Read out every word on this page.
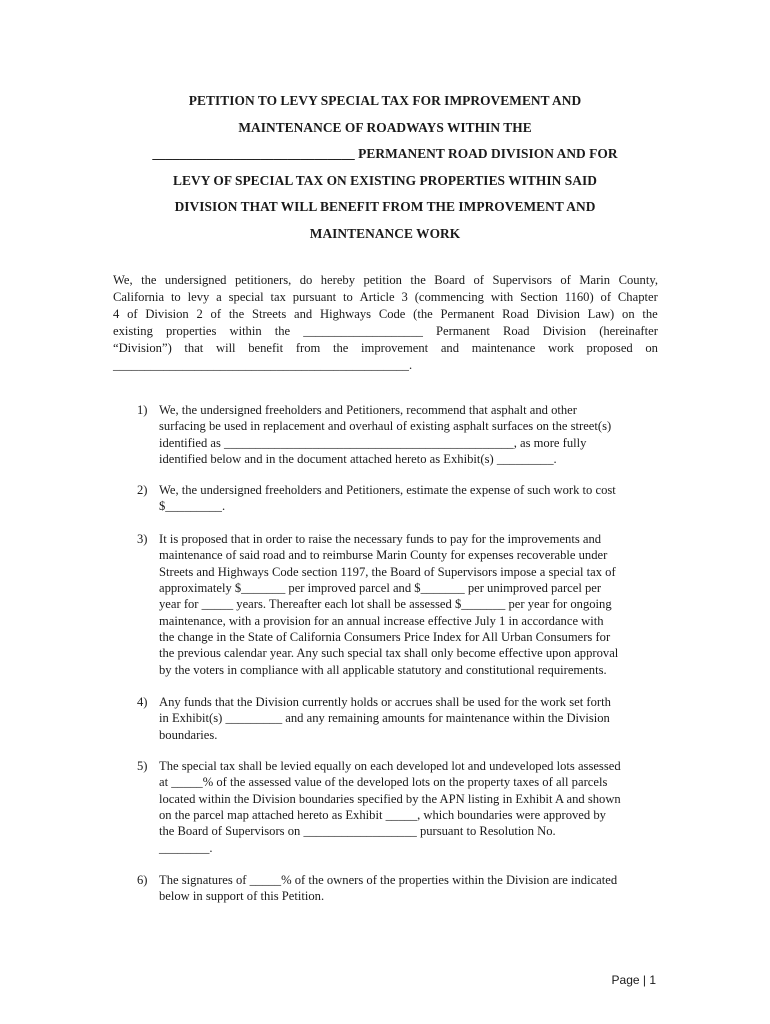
PETITION TO LEVY SPECIAL TAX FOR IMPROVEMENT AND
MAINTENANCE OF ROADWAYS WITHIN THE
______________________________ PERMANENT ROAD DIVISION AND FOR
LEVY OF SPECIAL TAX ON EXISTING PROPERTIES WITHIN SAID
DIVISION THAT WILL BENEFIT FROM THE IMPROVEMENT AND
MAINTENANCE WORK
We, the undersigned petitioners, do hereby petition the Board of Supervisors of Marin County,
California to levy a special tax pursuant to Article 3 (commencing with Section 1160) of Chapter
4 of Division 2 of the Streets and Highways Code (the Permanent Road Division Law) on the
existing properties within the ___________________ Permanent Road Division (hereinafter
“Division”) that will benefit from the improvement and maintenance work proposed on
_______________________________________________.
1) We, the undersigned freeholders and Petitioners, recommend that asphalt and other
surfacing be used in replacement and overhaul of existing asphalt surfaces on the street(s)
identified as ______________________________________________, as more fully
identified below and in the document attached hereto as Exhibit(s) _________.
2) We, the undersigned freeholders and Petitioners, estimate the expense of such work to cost
$_________.
3) It is proposed that in order to raise the necessary funds to pay for the improvements and
maintenance of said road and to reimburse Marin County for expenses recoverable under
Streets and Highways Code section 1197, the Board of Supervisors impose a special tax of
approximately $_______ per improved parcel and $_______ per unimproved parcel per
year for _____ years. Thereafter each lot shall be assessed $_______ per year for ongoing
maintenance, with a provision for an annual increase effective July 1 in accordance with
the change in the State of California Consumers Price Index for All Urban Consumers for
the previous calendar year. Any such special tax shall only become effective upon approval
by the voters in compliance with all applicable statutory and constitutional requirements.
4) Any funds that the Division currently holds or accrues shall be used for the work set forth
in Exhibit(s) _________ and any remaining amounts for maintenance within the Division
boundaries.
5) The special tax shall be levied equally on each developed lot and undeveloped lots assessed
at _____% of the assessed value of the developed lots on the property taxes of all parcels
located within the Division boundaries specified by the APN listing in Exhibit A and shown
on the parcel map attached hereto as Exhibit _____, which boundaries were approved by
the Board of Supervisors on __________________ pursuant to Resolution No.
________.
6) The signatures of _____% of the owners of the properties within the Division are indicated
below in support of this Petition.
Page | 1
